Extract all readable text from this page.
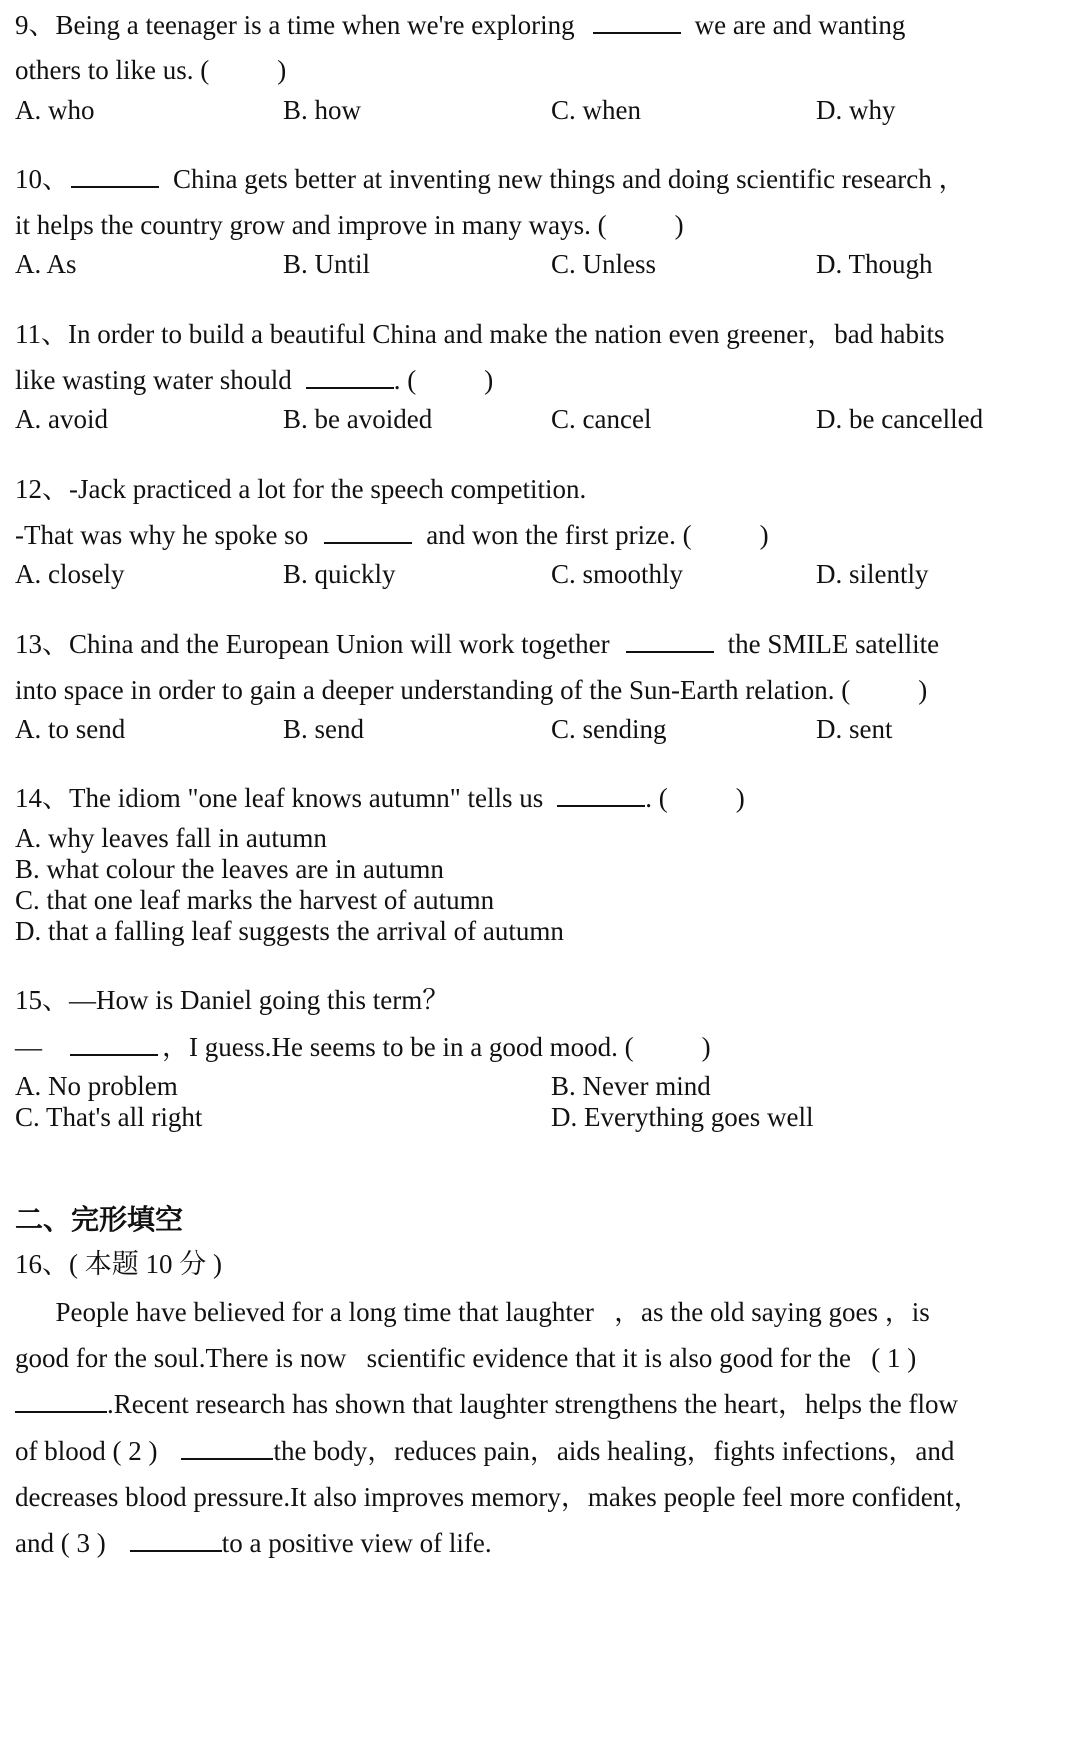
9、Being a teenager is a time when we're exploring	we are and wanting
others to like us. (	)
A. who	B. how	C. when	D. why
10、	China gets better at inventing new things and doing scientific research ，
it helps the country grow and improve in many ways. (	)
A. As	B. Until	C. Unless	D. Though
11、In order to build a beautiful China and make the nation even greener，bad habits
like wasting water should	. (	)
A. avoid	B. be avoided	C. cancel	D. be cancelled
12、-Jack practiced a lot for the speech competition.
-That was why he spoke so	and won the first prize. (	)
A. closely	B. quickly	C. smoothly	D. silently
13、China and the European Union will work together	the SMILE satellite
into space in order to gain a deeper understanding of the Sun-Earth relation. (	)
A. to send	B. send	C. sending	D. sent
14、The idiom "one leaf knows autumn" tells us	. (	)
A. why leaves fall in autumn
B. what colour the leaves are in autumn
C. that one leaf marks the harvest of autumn
D. that a falling leaf suggests the arrival of autumn
15、—How is Daniel going this term？
—	，I guess.He seems to be in a good mood. (	)
A. No problem	B. Never mind
C. That's all right	D. Everything goes well
二、完形填空
16、( 本题 10 分 )
People have believed for a long time that laughter   ，as the old saying goes ，is
good for the soul.There is now   scientific evidence that it is also good for the   ( 1 )
.Recent research has shown that laughter strengthens the heart，helps the flow
of blood ( 2 )	the body，reduces pain，aids healing，fights infections，and
decreases blood pressure.It also improves memory，makes people feel more confident，
and ( 3 )	to a positive view of life.
